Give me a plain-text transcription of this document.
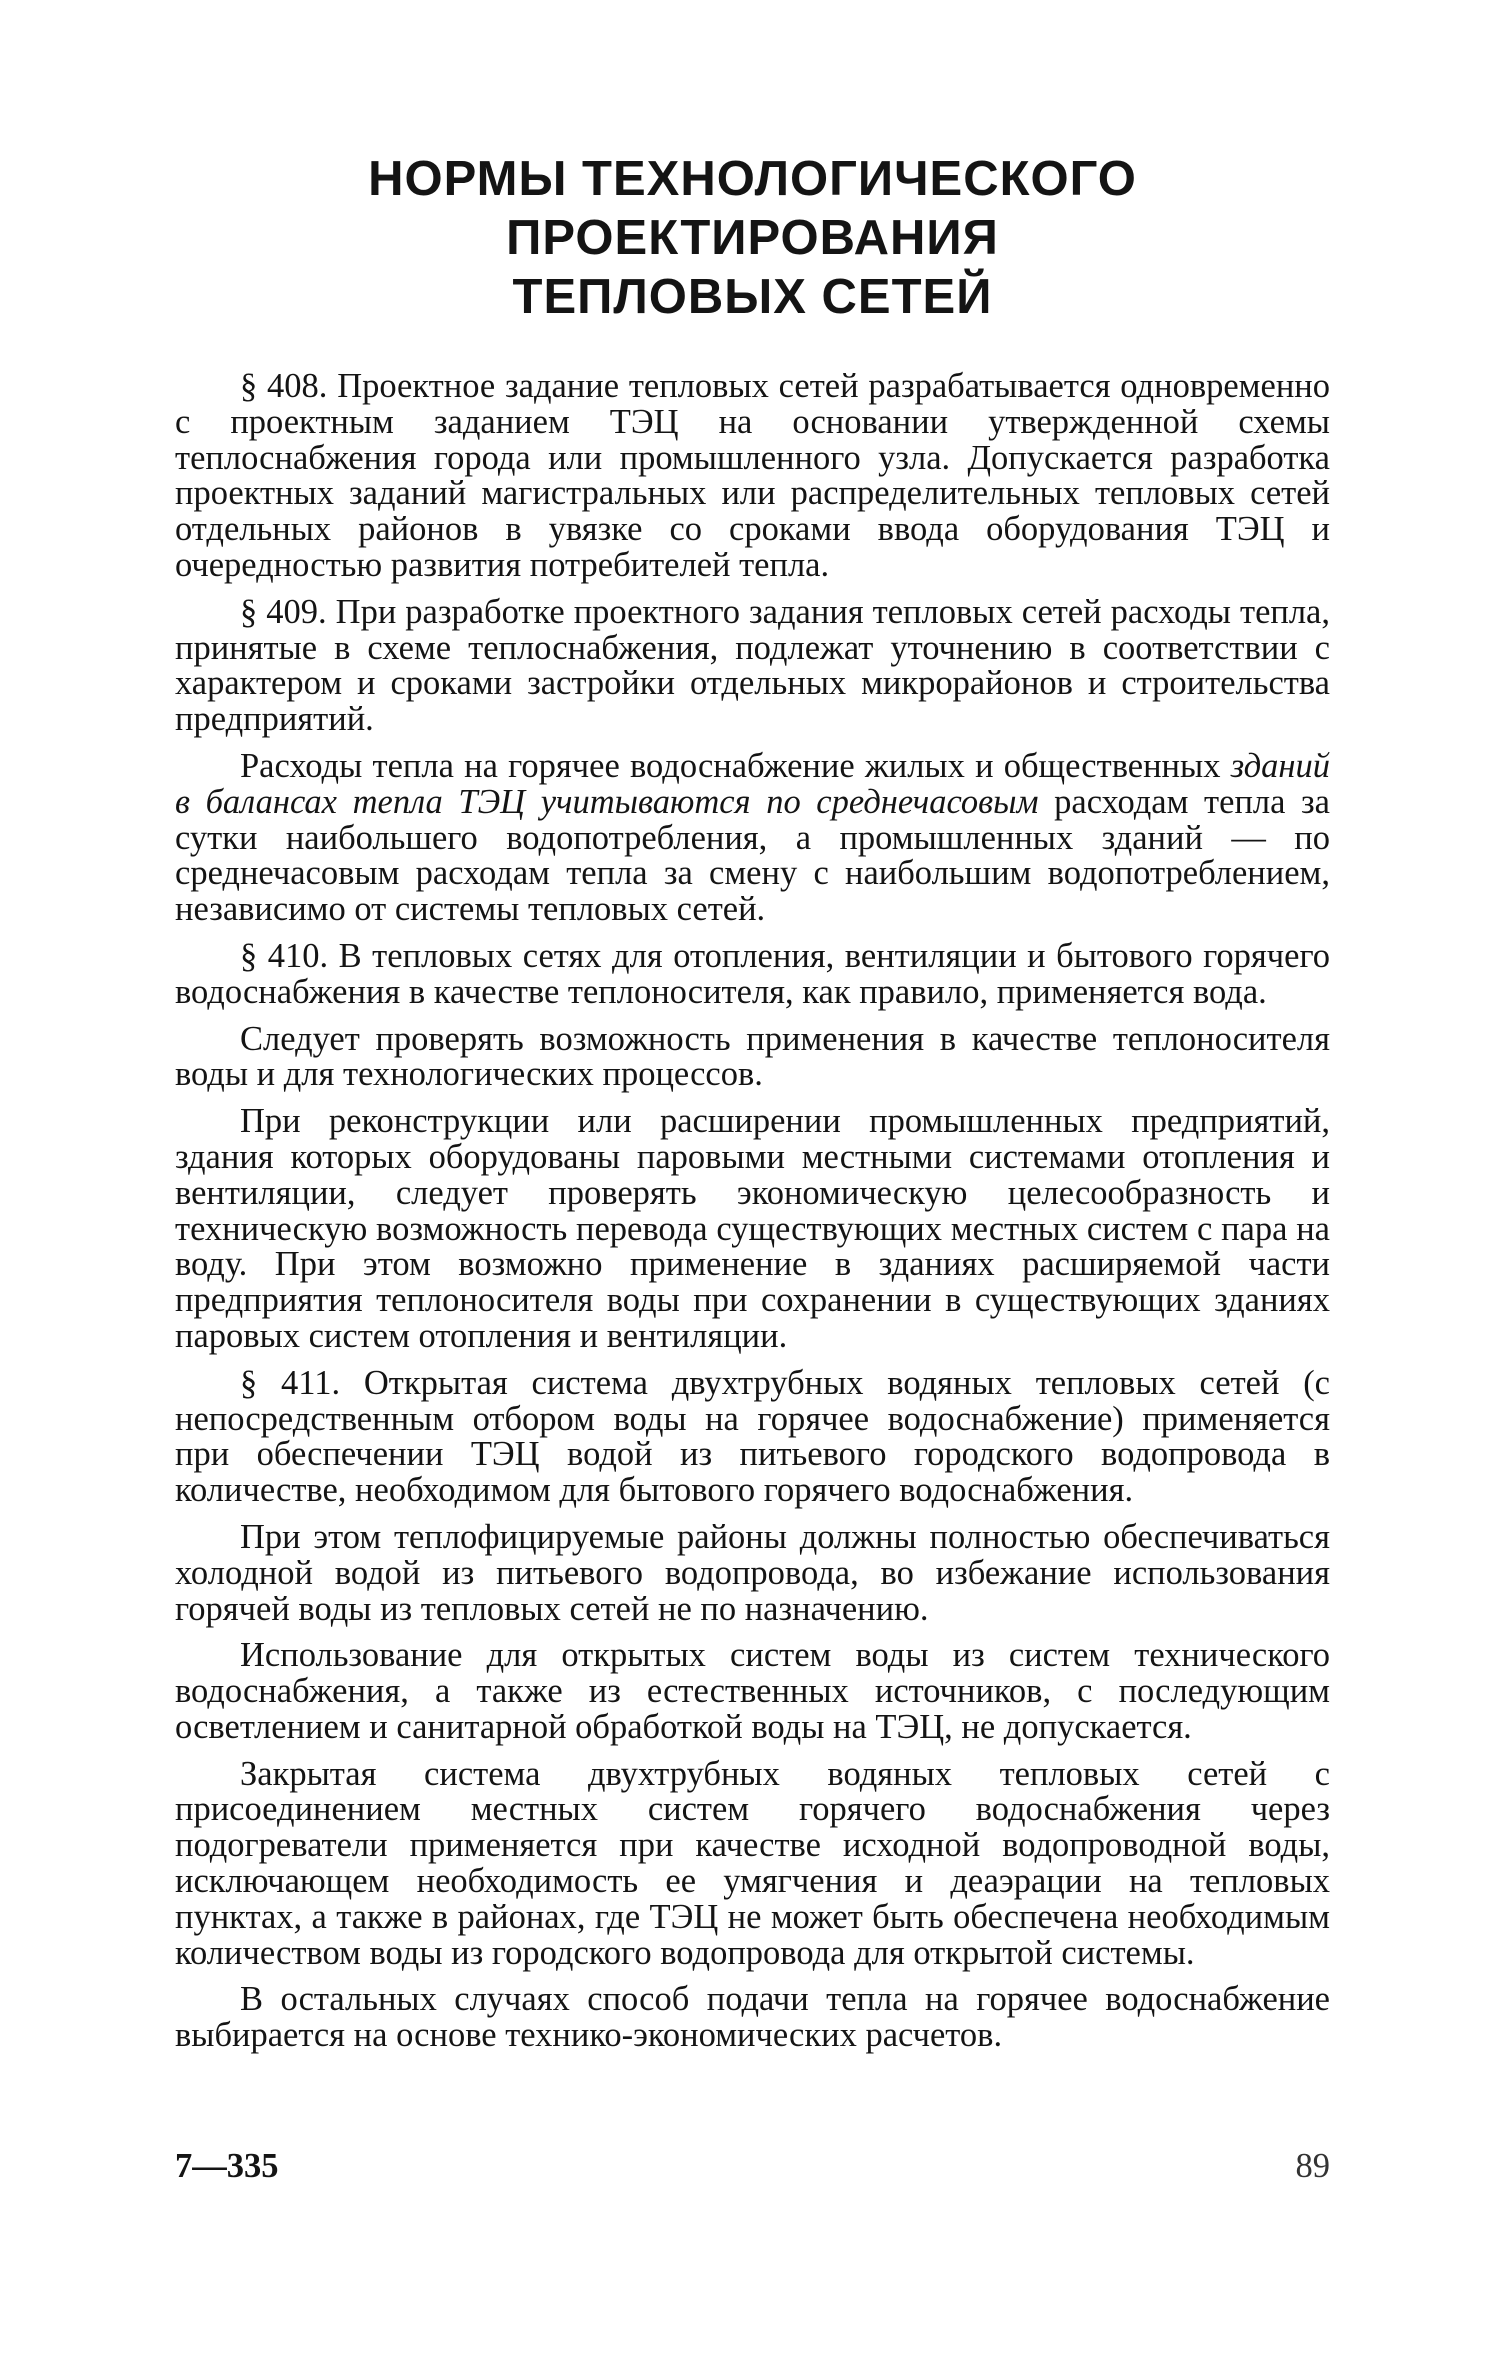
НОРМЫ ТЕХНОЛОГИЧЕСКОГО ПРОЕКТИРОВАНИЯ
ТЕПЛОВЫХ СЕТЕЙ

§ 408. Проектное задание тепловых сетей разрабатывается одновременно с проектным заданием ТЭЦ на основании утвержденной схемы теплоснабжения города или промышленного узла. Допускается разработка проектных заданий магистральных или распределительных тепловых сетей отдельных районов в увязке со сроками ввода оборудования ТЭЦ и очередностью развития потребителей тепла.

§ 409. При разработке проектного задания тепловых сетей расходы тепла, принятые в схеме теплоснабжения, подлежат уточнению в соответствии с характером и сроками застройки отдельных микрорайонов и строительства предприятий.

Расходы тепла на горячее водоснабжение жилых и общественных зданий в балансах тепла ТЭЦ учитываются по среднечасовым расходам тепла за сутки наибольшего водопотребления, а промышленных зданий — по среднечасовым расходам тепла за смену с наибольшим водопотреблением, независимо от системы тепловых сетей.

§ 410. В тепловых сетях для отопления, вентиляции и бытового горячего водоснабжения в качестве теплоносителя, как правило, применяется вода.

Следует проверять возможность применения в качестве теплоносителя воды и для технологических процессов.

При реконструкции или расширении промышленных предприятий, здания которых оборудованы паровыми местными системами отопления и вентиляции, следует проверять экономическую целесообразность и техническую возможность перевода существующих местных систем с пара на воду. При этом возможно применение в зданиях расширяемой части предприятия теплоносителя воды при сохранении в существующих зданиях паровых систем отопления и вентиляции.

§ 411. Открытая система двухтрубных водяных тепловых сетей (с непосредственным отбором воды на горячее водоснабжение) применяется при обеспечении ТЭЦ водой из питьевого городского водопровода в количестве, необходимом для бытового горячего водоснабжения.

При этом теплофицируемые районы должны полностью обеспечиваться холодной водой из питьевого водопровода, во избежание использования горячей воды из тепловых сетей не по назначению.

Использование для открытых систем воды из систем технического водоснабжения, а также из естественных источников, с последующим осветлением и санитарной обработкой воды на ТЭЦ, не допускается.

Закрытая система двухтрубных водяных тепловых сетей с присоединением местных систем горячего водоснабжения через подогреватели применяется при качестве исходной водопроводной воды, исключающем необходимость ее умягчения и деаэрации на тепловых пунктах, а также в районах, где ТЭЦ не может быть обеспечена необходимым количеством воды из городского водопровода для открытой системы.

В остальных случаях способ подачи тепла на горячее водоснабжение выбирается на основе технико-экономических расчетов.

7—335	89
